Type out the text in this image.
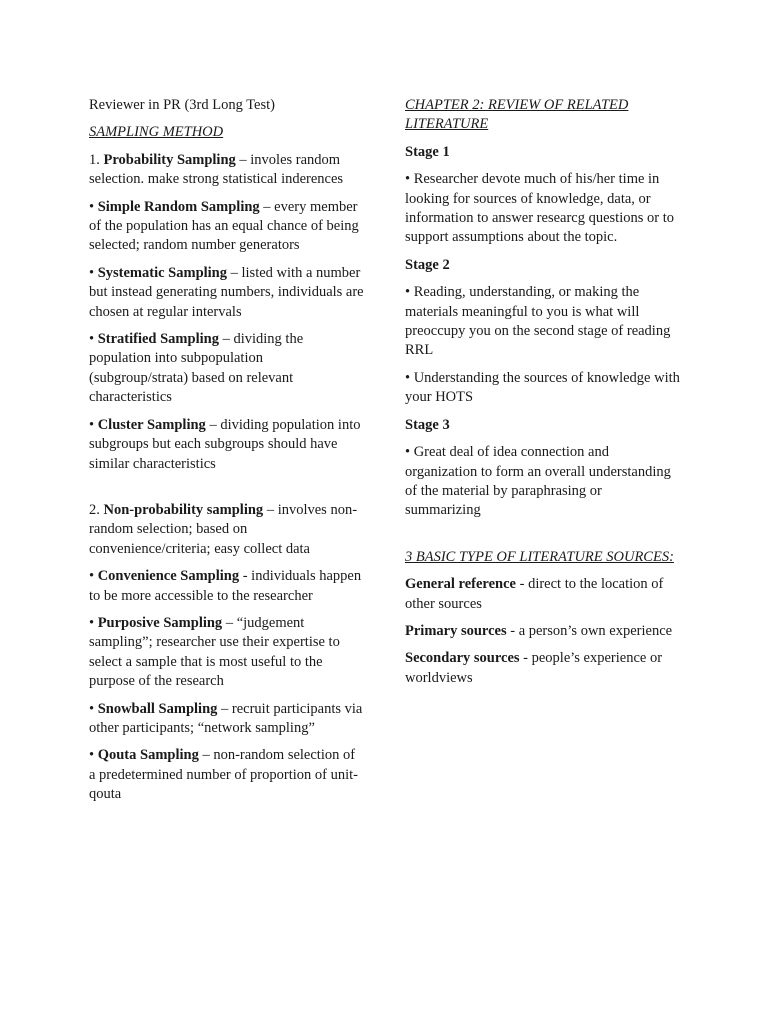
Reviewer in PR (3rd Long Test)

SAMPLING METHOD

1. Probability Sampling – involes random selection. make strong statistical inderences

• Simple Random Sampling – every member of the population has an equal chance of being selected; random number generators

• Systematic Sampling – listed with a number but instead generating numbers, individuals are chosen at regular intervals

• Stratified Sampling – dividing the population into subpopulation (subgroup/strata) based on relevant characteristics

• Cluster Sampling – dividing population into subgroups but each subgroups should have similar characteristics

2. Non-probability sampling – involves non-random selection; based on convenience/criteria; easy collect data

• Convenience Sampling - individuals happen to be more accessible to the researcher

• Purposive Sampling – “judgement sampling”; researcher use their expertise to select a sample that is most useful to the purpose of the research

• Snowball Sampling – recruit participants via other participants; “network sampling”

• Qouta Sampling – non-random selection of a predetermined number of proportion of unit-qouta

CHAPTER 2: REVIEW OF RELATED LITERATURE

Stage 1

• Researcher devote much of his/her time in looking for sources of knowledge, data, or information to answer researcg questions or to support assumptions about the topic.

Stage 2

• Reading, understanding, or making the materials meaningful to you is what will preoccupy you on the second stage of reading RRL

• Understanding the sources of knowledge with your HOTS

Stage 3

• Great deal of idea connection and organization to form an overall understanding of the material by paraphrasing or summarizing

3 BASIC TYPE OF LITERATURE SOURCES:

General reference - direct to the location of other sources

Primary sources - a person’s own experience

Secondary sources - people’s experience or worldviews
